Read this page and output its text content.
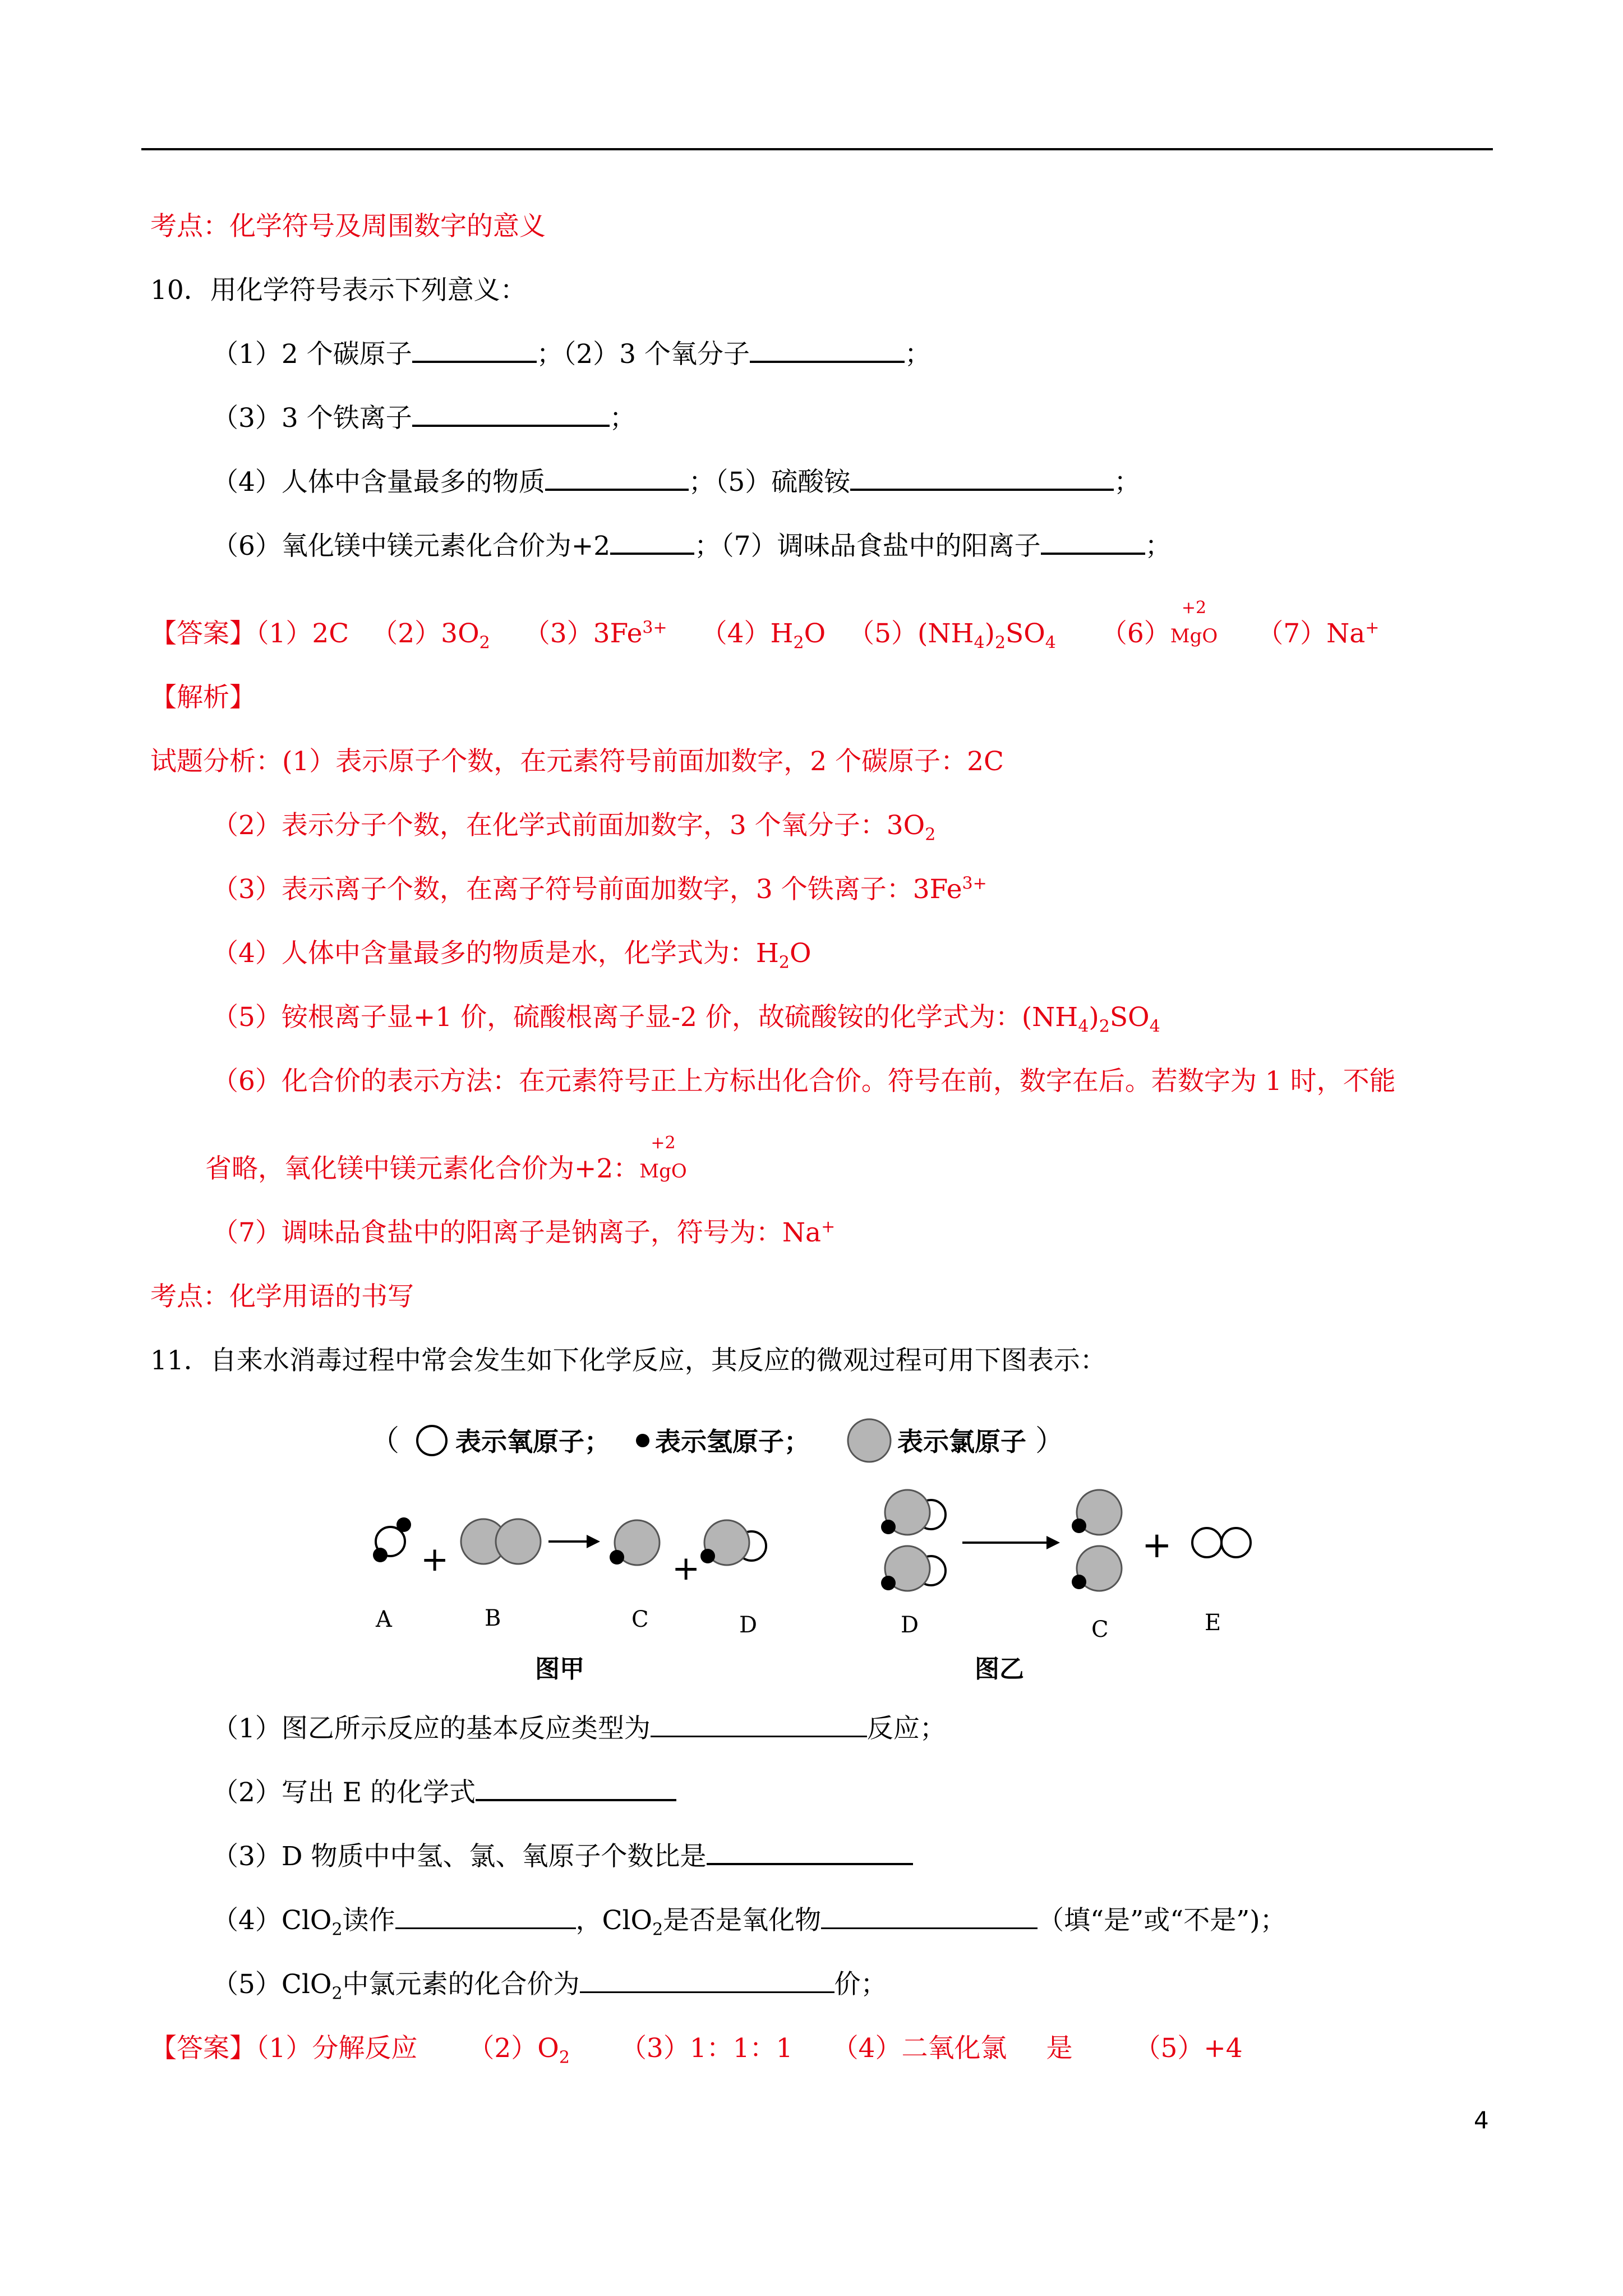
考点：化学符号及周围数字的意义
10．用化学符号表示下列意义：
（1）2 个碳原子	；（2）3 个氧分子	；
（3）3 个铁离子	；
（4）人体中含量最多的物质	；（5）硫酸铵	；
（6）氧化镁中镁元素化合价为+2	；（7）调味品食盐中的阳离子	；
【答案】（1）2C $(2)3O_2$ $(3)3Fe^{3+}$ $(4)H_2O$ $(5)(NH_4)_2SO_4$ （6）
+2
MgO （7）Na+
【解析】
试题分析：(1）表示原子个数，在元素符号前面加数字，2 个碳原子：2C
（2）表示分子个数，在化学式前面加数字，3 个氧分子：$3O_2$
（3）表示离子个数，在离子符号前面加数字，3 个铁离子：$3Fe^{3+}$
（4）人体中含量最多的物质是水，化学式为：$H_2O$
（5）铵根离子显+1 价，硫酸根离子显-2 价，故硫酸铵的化学式为：$(NH_4)_2SO_4$
（6）化合价的表示方法：在元素符号正上方标出化合价。符号在前，数字在后。若数字为 1 时，不能
省略，氧化镁中镁元素化合价为+2：
+2
MgO
（7）调味品食盐中的阳离子是钠离子，符号为：Na+
考点：化学用语的书写
11．自来水消毒过程中常会发生如下化学反应，其反应的微观过程可用下图表示：
（ 表示氧原子； 表示氢原子；	表示氯原子 ）
+	+
A	B	C	D
图甲
+
D	C	E
图乙
（1）图乙所示反应的基本反应类型为	反应；
（2）写出 E 的化学式
（3）D 物质中中氢、氯、氧原子个数比是
（4）ClO$_2$读作	，ClO$_2$是否是氧化物	（填“是”或“不是”)；
（5）ClO$_2$中氯元素的化合价为	价；
【答案】（1）分解反应 $(2)O_2$ （3）1：1：1 （4）二氧化氯 是 （5）+4
4
